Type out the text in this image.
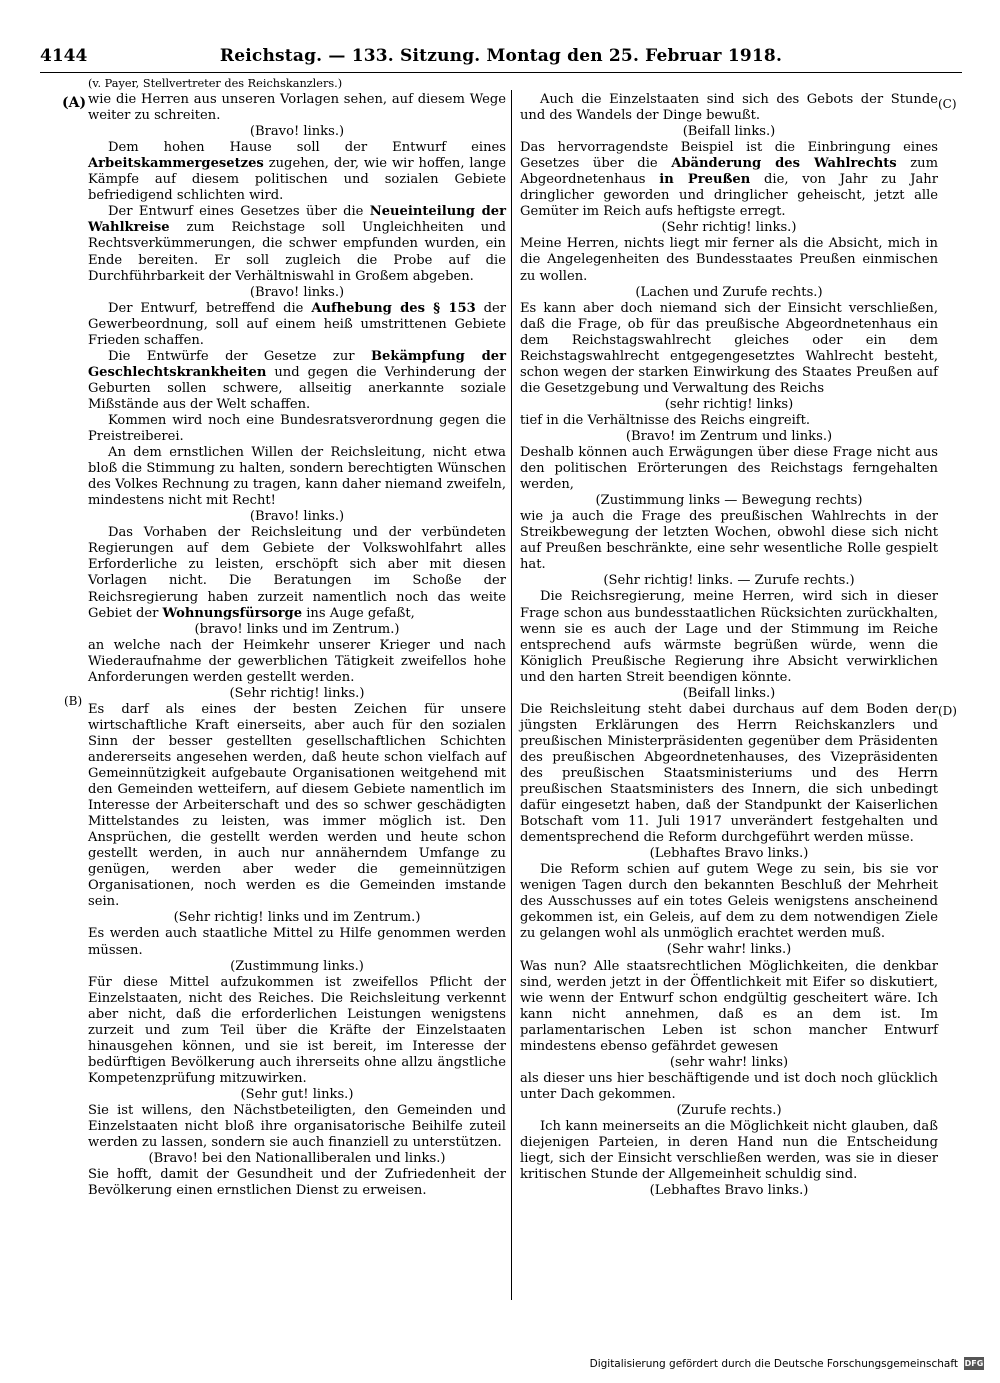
4144	Reichstag. — 133. Sitzung. Montag den 25. Februar 1918.
(A)
(B)
(C)
(D)

(v. Payer, Stellvertreter des Reichskanzlers.)

wie die Herren aus unseren Vorlagen sehen, auf diesem Wege weiter zu schreiten.

(Bravo! links.)

Dem hohen Hause soll der Entwurf eines Arbeitskammergesetzes zugehen, der, wie wir hoffen, lange Kämpfe auf diesem politischen und sozialen Gebiete befriedigend schlichten wird.

Der Entwurf eines Gesetzes über die Neueinteilung der Wahlkreise zum Reichstage soll Ungleichheiten und Rechtsverkümmerungen, die schwer empfunden wurden, ein Ende bereiten. Er soll zugleich die Probe auf die Durchführbarkeit der Verhältniswahl in Großem abgeben.

(Bravo! links.)

Der Entwurf, betreffend die Aufhebung des § 153 der Gewerbeordnung, soll auf einem heiß umstrittenen Gebiete Frieden schaffen.

Die Entwürfe der Gesetze zur Bekämpfung der Geschlechtskrankheiten und gegen die Verhinderung der Geburten sollen schwere, allseitig anerkannte soziale Mißstände aus der Welt schaffen.

Kommen wird noch eine Bundesratsverordnung gegen die Preistreiberei.

An dem ernstlichen Willen der Reichsleitung, nicht etwa bloß die Stimmung zu halten, sondern berechtigten Wünschen des Volkes Rechnung zu tragen, kann daher niemand zweifeln, mindestens nicht mit Recht!

(Bravo! links.)

Das Vorhaben der Reichsleitung und der verbündeten Regierungen auf dem Gebiete der Volkswohlfahrt alles Erforderliche zu leisten, erschöpft sich aber mit diesen Vorlagen nicht. Die Beratungen im Schoße der Reichsregierung haben zurzeit namentlich noch das weite Gebiet der Wohnungsfürsorge ins Auge gefaßt,

(bravo! links und im Zentrum.)

an welche nach der Heimkehr unserer Krieger und nach Wiederaufnahme der gewerblichen Tätigkeit zweifellos hohe Anforderungen werden gestellt werden.

(Sehr richtig! links.)

Es darf als eines der besten Zeichen für unsere wirtschaftliche Kraft einerseits, aber auch für den sozialen Sinn der besser gestellten gesellschaftlichen Schichten andererseits angesehen werden, daß heute schon vielfach auf Gemeinnützigkeit aufgebaute Organisationen weitgehend mit den Gemeinden wetteifern, auf diesem Gebiete namentlich im Interesse der Arbeiterschaft und des so schwer geschädigten Mittelstandes zu leisten, was immer möglich ist. Den Ansprüchen, die gestellt werden werden und heute schon gestellt werden, in auch nur annäherndem Umfange zu genügen, werden aber weder die gemeinnützigen Organisationen, noch werden es die Gemeinden imstande sein.

(Sehr richtig! links und im Zentrum.)

Es werden auch staatliche Mittel zu Hilfe genommen werden müssen.

(Zustimmung links.)

Für diese Mittel aufzukommen ist zweifellos Pflicht der Einzelstaaten, nicht des Reiches. Die Reichsleitung verkennt aber nicht, daß die erforderlichen Leistungen wenigstens zurzeit und zum Teil über die Kräfte der Einzelstaaten hinausgehen können, und sie ist bereit, im Interesse der bedürftigen Bevölkerung auch ihrerseits ohne allzu ängstliche Kompetenzprüfung mitzuwirken.

(Sehr gut! links.)

Sie ist willens, den Nächstbeteiligten, den Gemeinden und Einzelstaaten nicht bloß ihre organisatorische Beihilfe zuteil werden zu lassen, sondern sie auch finanziell zu unterstützen.

(Bravo! bei den Nationalliberalen und links.)

Sie hofft, damit der Gesundheit und der Zufriedenheit der Bevölkerung einen ernstlichen Dienst zu erweisen.

Auch die Einzelstaaten sind sich des Gebots der Stunde und des Wandels der Dinge bewußt.

(Beifall links.)

Das hervorragendste Beispiel ist die Einbringung eines Gesetzes über die Abänderung des Wahlrechts zum Abgeordnetenhaus in Preußen die, von Jahr zu Jahr dringlicher geworden und dringlicher geheischt, jetzt alle Gemüter im Reich aufs heftigste erregt.

(Sehr richtig! links.)

Meine Herren, nichts liegt mir ferner als die Absicht, mich in die Angelegenheiten des Bundesstaates Preußen einmischen zu wollen.

(Lachen und Zurufe rechts.)

Es kann aber doch niemand sich der Einsicht verschließen, daß die Frage, ob für das preußische Abgeordnetenhaus ein dem Reichstagswahlrecht gleiches oder ein dem Reichstagswahlrecht entgegengesetztes Wahlrecht besteht, schon wegen der starken Einwirkung des Staates Preußen auf die Gesetzgebung und Verwaltung des Reichs

(sehr richtig! links)

tief in die Verhältnisse des Reichs eingreift.

(Bravo! im Zentrum und links.)

Deshalb können auch Erwägungen über diese Frage nicht aus den politischen Erörterungen des Reichstags ferngehalten werden,

(Zustimmung links — Bewegung rechts)

wie ja auch die Frage des preußischen Wahlrechts in der Streikbewegung der letzten Wochen, obwohl diese sich nicht auf Preußen beschränkte, eine sehr wesentliche Rolle gespielt hat.

(Sehr richtig! links. — Zurufe rechts.)

Die Reichsregierung, meine Herren, wird sich in dieser Frage schon aus bundesstaatlichen Rücksichten zurückhalten, wenn sie es auch der Lage und der Stimmung im Reiche entsprechend aufs wärmste begrüßen würde, wenn die Königlich Preußische Regierung ihre Absicht verwirklichen und den harten Streit beendigen könnte.

(Beifall links.)

Die Reichsleitung steht dabei durchaus auf dem Boden der jüngsten Erklärungen des Herrn Reichskanzlers und preußischen Ministerpräsidenten gegenüber dem Präsidenten des preußischen Abgeordnetenhauses, des Vizepräsidenten des preußischen Staatsministeriums und des Herrn preußischen Staatsministers des Innern, die sich unbedingt dafür eingesetzt haben, daß der Standpunkt der Kaiserlichen Botschaft vom 11. Juli 1917 unverändert festgehalten und dementsprechend die Reform durchgeführt werden müsse.

(Lebhaftes Bravo links.)

Die Reform schien auf gutem Wege zu sein, bis sie vor wenigen Tagen durch den bekannten Beschluß der Mehrheit des Ausschusses auf ein totes Geleis wenigstens anscheinend gekommen ist, ein Geleis, auf dem zu dem notwendigen Ziele zu gelangen wohl als unmöglich erachtet werden muß.

(Sehr wahr! links.)

Was nun? Alle staatsrechtlichen Möglichkeiten, die denkbar sind, werden jetzt in der Öffentlichkeit mit Eifer so diskutiert, wie wenn der Entwurf schon endgültig gescheitert wäre. Ich kann nicht annehmen, daß es an dem ist. Im parlamentarischen Leben ist schon mancher Entwurf mindestens ebenso gefährdet gewesen

(sehr wahr! links)

als dieser uns hier beschäftigende und ist doch noch glücklich unter Dach gekommen.

(Zurufe rechts.)

Ich kann meinerseits an die Möglichkeit nicht glauben, daß diejenigen Parteien, in deren Hand nun die Entscheidung liegt, sich der Einsicht verschließen werden, was sie in dieser kritischen Stunde der Allgemeinheit schuldig sind.

(Lebhaftes Bravo links.)

Digitalisierung gefördert durch die Deutsche Forschungsgemeinschaft DFG
